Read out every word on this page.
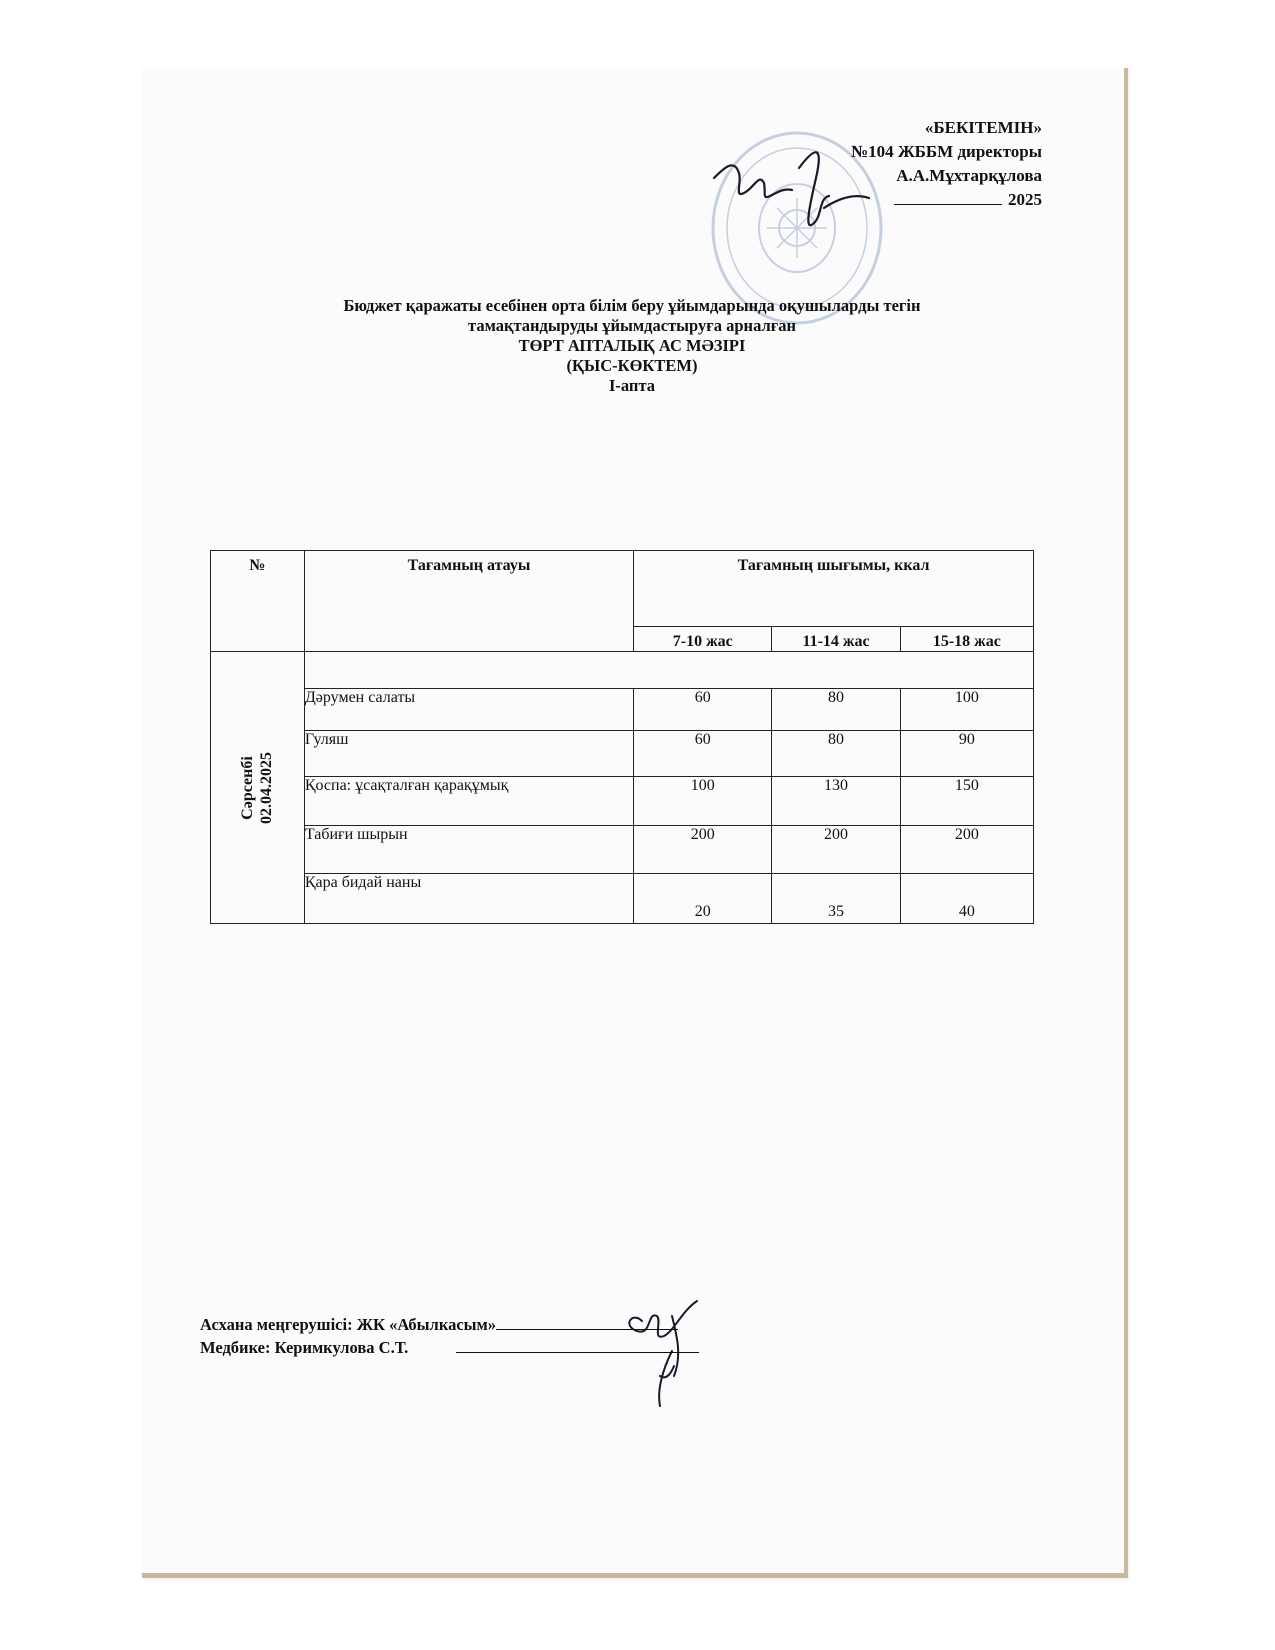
«БЕКІТЕМІН»
№104 ЖББМ директоры
А.А.Мұхтарқұлова
2025
Бюджет қаражаты есебінен орта білім беру ұйымдарында оқушыларды тегін
тамақтандыруды ұйымдастыруға арналған
ТӨРТ АПТАЛЫҚ АС МӘЗІРІ
(ҚЫС-КӨКТЕМ)
I-апта
№	Тағамның атауы	Тағамның шығымы, ккал		
		7-10 жас	11-14 жас	15-18 жас
Сәрсенбі 02.04.2025				
	Дәрумен салаты	60	80	100
	Гуляш	60	80	90
	Қоспа: ұсақталған қарақұмық	100	130	150
	Табиғи шырын	200	200	200
	Қара бидай наны	20	35	40
Асхана меңгерушісі: ЖК «Абылкасым»
Медбике: Керимкулова С.Т.
